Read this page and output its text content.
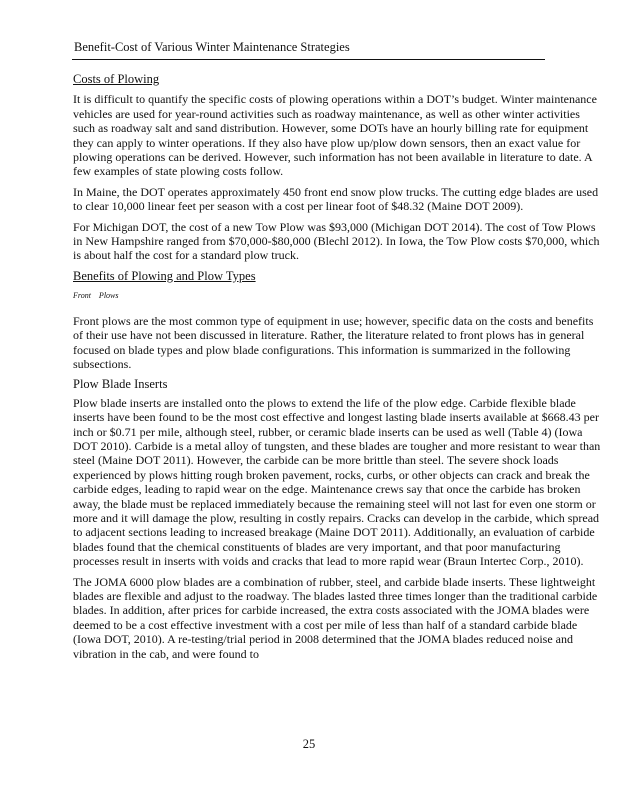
Benefit-Cost of Various Winter Maintenance Strategies
Costs of Plowing

It is difficult to quantify the specific costs of plowing operations within a DOT’s budget. Winter maintenance vehicles are used for year-round activities such as roadway maintenance, as well as other winter activities such as roadway salt and sand distribution. However, some DOTs have an hourly billing rate for equipment they can apply to winter operations. If they also have plow up/plow down sensors, then an exact value for plowing operations can be derived. However, such information has not been available in literature to date. A few examples of state plowing costs follow.

In Maine, the DOT operates approximately 450 front end snow plow trucks. The cutting edge blades are used to clear 10,000 linear feet per season with a cost per linear foot of $48.32 (Maine DOT 2009).

For Michigan DOT, the cost of a new Tow Plow was $93,000 (Michigan DOT 2014). The cost of Tow Plows in New Hampshire ranged from $70,000-$80,000 (Blechl 2012). In Iowa, the Tow Plow costs $70,000, which is about half the cost for a standard plow truck.

Benefits of Plowing and Plow Types
Front Plows

Front plows are the most common type of equipment in use; however, specific data on the costs and benefits of their use have not been discussed in literature. Rather, the literature related to front plows has in general focused on blade types and plow blade configurations. This information is summarized in the following subsections.

Plow Blade Inserts

Plow blade inserts are installed onto the plows to extend the life of the plow edge. Carbide flexible blade inserts have been found to be the most cost effective and longest lasting blade inserts available at $668.43 per inch or $0.71 per mile, although steel, rubber, or ceramic blade inserts can be used as well (Table 4) (Iowa DOT 2010). Carbide is a metal alloy of tungsten, and these blades are tougher and more resistant to wear than steel (Maine DOT 2011). However, the carbide can be more brittle than steel. The severe shock loads experienced by plows hitting rough broken pavement, rocks, curbs, or other objects can crack and break the carbide edges, leading to rapid wear on the edge. Maintenance crews say that once the carbide has broken away, the blade must be replaced immediately because the remaining steel will not last for even one storm or more and it will damage the plow, resulting in costly repairs. Cracks can develop in the carbide, which spread to adjacent sections leading to increased breakage (Maine DOT 2011). Additionally, an evaluation of carbide blades found that the chemical constituents of blades are very important, and that poor manufacturing processes result in inserts with voids and cracks that lead to more rapid wear (Braun Intertec Corp., 2010).

The JOMA 6000 plow blades are a combination of rubber, steel, and carbide blade inserts. These lightweight blades are flexible and adjust to the roadway. The blades lasted three times longer than the traditional carbide blades. In addition, after prices for carbide increased, the extra costs associated with the JOMA blades were deemed to be a cost effective investment with a cost per mile of less than half of a standard carbide blade (Iowa DOT, 2010). A re-testing/trial period in 2008 determined that the JOMA blades reduced noise and vibration in the cab, and were found to

25
